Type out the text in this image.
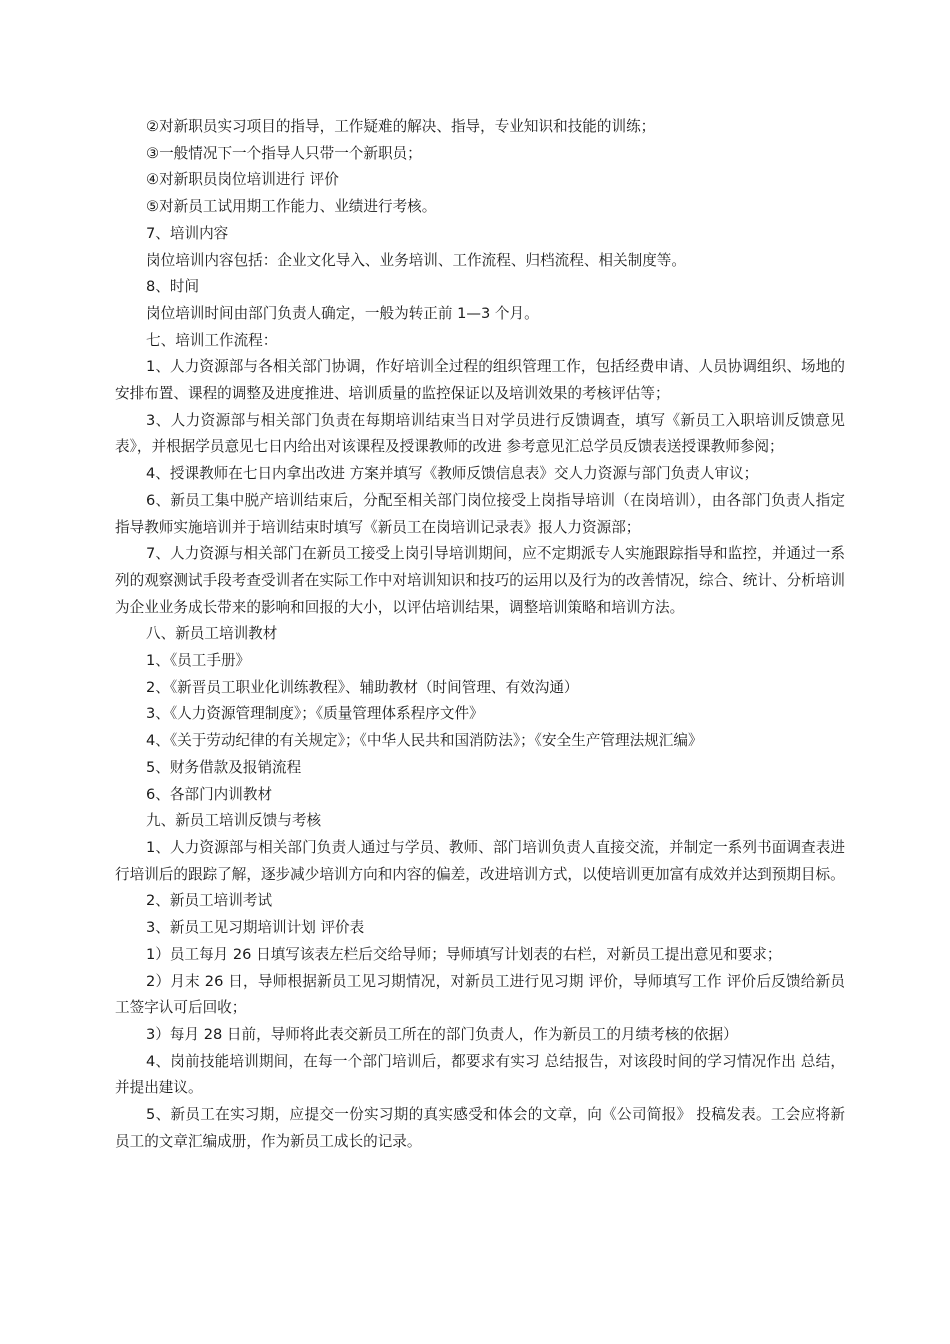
②对新职员实习项目的指导，工作疑难的解决、指导，专业知识和技能的训练；

③一般情况下一个指导人只带一个新职员；

④对新职员岗位培训进行 评价

⑤对新员工试用期工作能力、业绩进行考核。

7、培训内容

岗位培训内容包括：企业文化导入、业务培训、工作流程、归档流程、相关制度等。

8、时间

岗位培训时间由部门负责人确定，一般为转正前 1—3 个月。

七、培训工作流程：

1、人力资源部与各相关部门协调，作好培训全过程的组织管理工作，包括经费申请、人员协调组织、场地的安排布置、课程的调整及进度推进、培训质量的监控保证以及培训效果的考核评估等；

3、人力资源部与相关部门负责在每期培训结束当日对学员进行反馈调查，填写《新员工入职培训反馈意见表》，并根据学员意见七日内给出对该课程及授课教师的改进 参考意见汇总学员反馈表送授课教师参阅；

4、授课教师在七日内拿出改进 方案并填写《教师反馈信息表》交人力资源与部门负责人审议；

6、新员工集中脱产培训结束后，分配至相关部门岗位接受上岗指导培训（在岗培训），由各部门负责人指定指导教师实施培训并于培训结束时填写《新员工在岗培训记录表》报人力资源部；

7、人力资源与相关部门在新员工接受上岗引导培训期间，应不定期派专人实施跟踪指导和监控，并通过一系列的观察测试手段考查受训者在实际工作中对培训知识和技巧的运用以及行为的改善情况，综合、统计、分析培训为企业业务成长带来的影响和回报的大小，以评估培训结果，调整培训策略和培训方法。

八、新员工培训教材

1、《员工手册》

2、《新晋员工职业化训练教程》、辅助教材（时间管理、有效沟通）

3、《人力资源管理制度》；《质量管理体系程序文件》

4、《关于劳动纪律的有关规定》；《中华人民共和国消防法》；《安全生产管理法规汇编》

5、财务借款及报销流程

6、各部门内训教材

九、新员工培训反馈与考核

1、人力资源部与相关部门负责人通过与学员、教师、部门培训负责人直接交流，并制定一系列书面调查表进行培训后的跟踪了解，逐步减少培训方向和内容的偏差，改进培训方式，以使培训更加富有成效并达到预期目标。

2、新员工培训考试

3、新员工见习期培训计划 评价表

1）员工每月 26 日填写该表左栏后交给导师；导师填写计划表的右栏，对新员工提出意见和要求；

2）月末 26 日，导师根据新员工见习期情况，对新员工进行见习期 评价，导师填写工作 评价后反馈给新员工签字认可后回收；

3）每月 28 日前，导师将此表交新员工所在的部门负责人，作为新员工的月绩考核的依据）

4、岗前技能培训期间，在每一个部门培训后，都要求有实习 总结报告，对该段时间的学习情况作出 总结，并提出建议。

5、新员工在实习期，应提交一份实习期的真实感受和体会的文章，向《公司简报》 投稿发表。工会应将新员工的文章汇编成册，作为新员工成长的记录。
